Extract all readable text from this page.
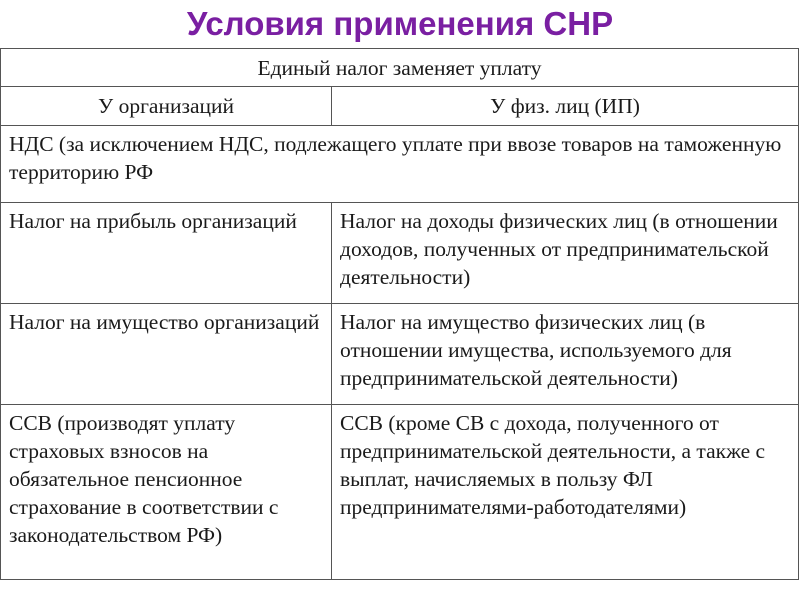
Условия применения СНР
Единый налог заменяет уплату	
У организаций	У физ. лиц (ИП)
НДС (за исключением НДС, подлежащего уплате при ввозе товаров на таможенную территорию РФ	
Налог на прибыль организаций	Налог на доходы физических лиц (в отношении доходов, полученных от предпринимательской деятельности)
Налог на имущество организаций	Налог на имущество физических лиц (в отношении имущества, используемого для предпринимательской деятельности)
ССВ (производят уплату страховых взносов на обязательное пенсионное страхование в соответствии с законодательством РФ)	ССВ (кроме СВ с дохода, полученного от предпринимательской деятельности, а также с выплат, начисляемых в пользу ФЛ предпринимателями-работодателями)
